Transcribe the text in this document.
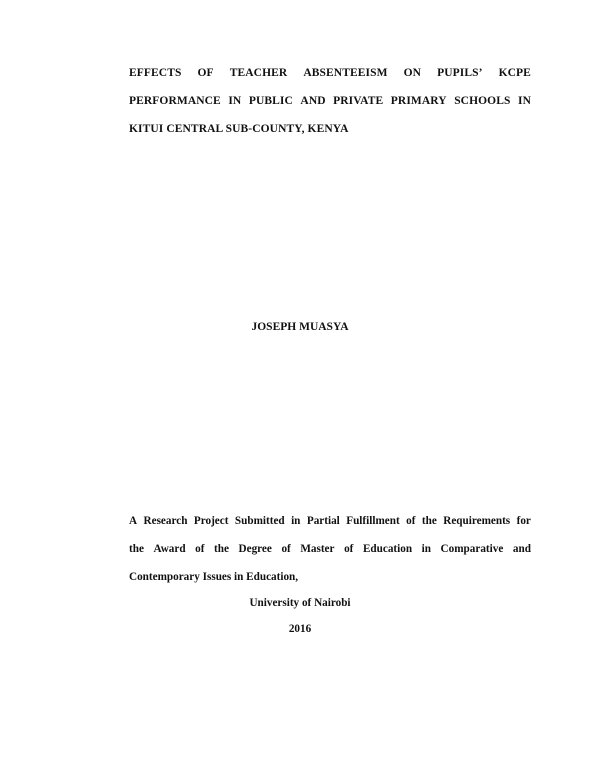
EFFECTS OF TEACHER ABSENTEEISM ON PUPILS’ KCPE
PERFORMANCE IN PUBLIC AND PRIVATE PRIMARY SCHOOLS IN
KITUI CENTRAL SUB-COUNTY, KENYA
JOSEPH MUASYA
A Research Project Submitted in Partial Fulfillment of the Requirements for
the Award of the Degree of Master of Education in Comparative and
Contemporary Issues in Education,
University of Nairobi
2016
